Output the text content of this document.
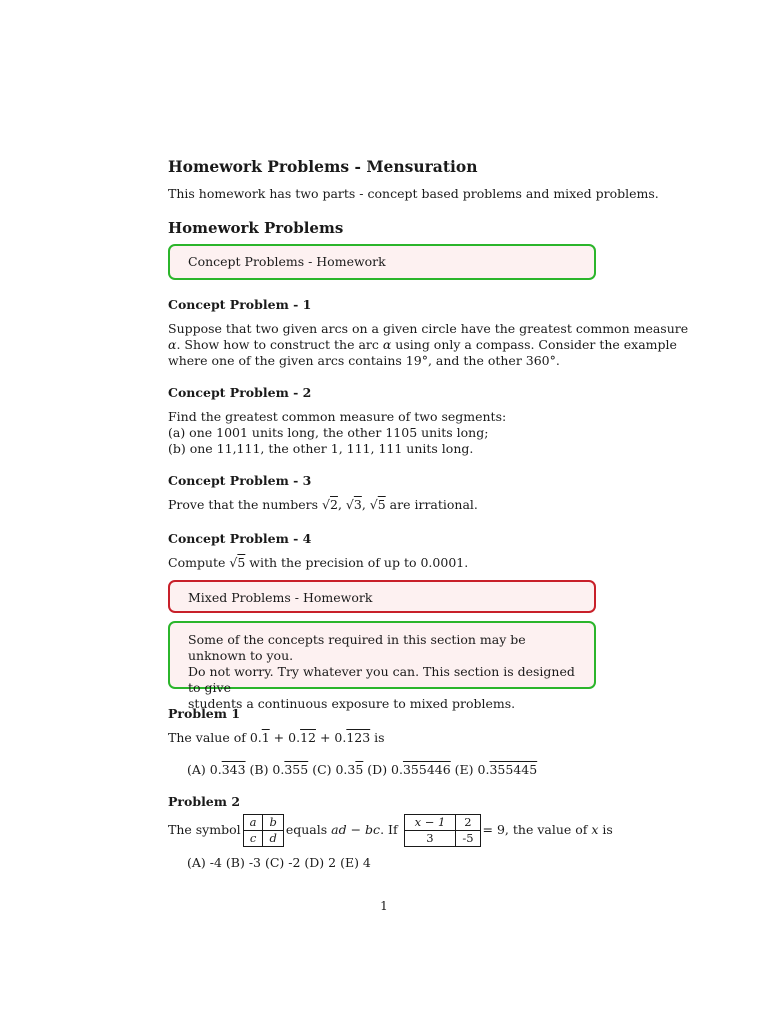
Homework Problems - Mensuration
This homework has two parts - concept based problems and mixed problems.
Homework Problems
Concept Problems - Homework
Concept Problem - 1
Suppose that two given arcs on a given circle have the greatest common measure
α. Show how to construct the arc α using only a compass. Consider the example
where one of the given arcs contains 19°, and the other 360°.
Concept Problem - 2
Find the greatest common measure of two segments:
(a) one 1001 units long, the other 1105 units long;
(b) one 11,111, the other 1, 111, 111 units long.
Concept Problem - 3
Prove that the numbers √2, √3, √5 are irrational.
Concept Problem - 4
Compute √5 with the precision of up to 0.0001.
Mixed Problems - Homework
Some of the concepts required in this section may be unknown to you.
Do not worry. Try whatever you can. This section is designed to give
students a continuous exposure to mixed problems.
Problem 1
The value of 0.1 + 0.12 + 0.123 is
(A) 0.343 (B) 0.355 (C) 0.35 (D) 0.355446 (E) 0.355445
Problem 2
The symbol a	b
c	dequals ad − bc. If x − 1	2
3	-5= 9, the value of x is
(A) -4 (B) -3 (C) -2 (D) 2 (E) 4
1
